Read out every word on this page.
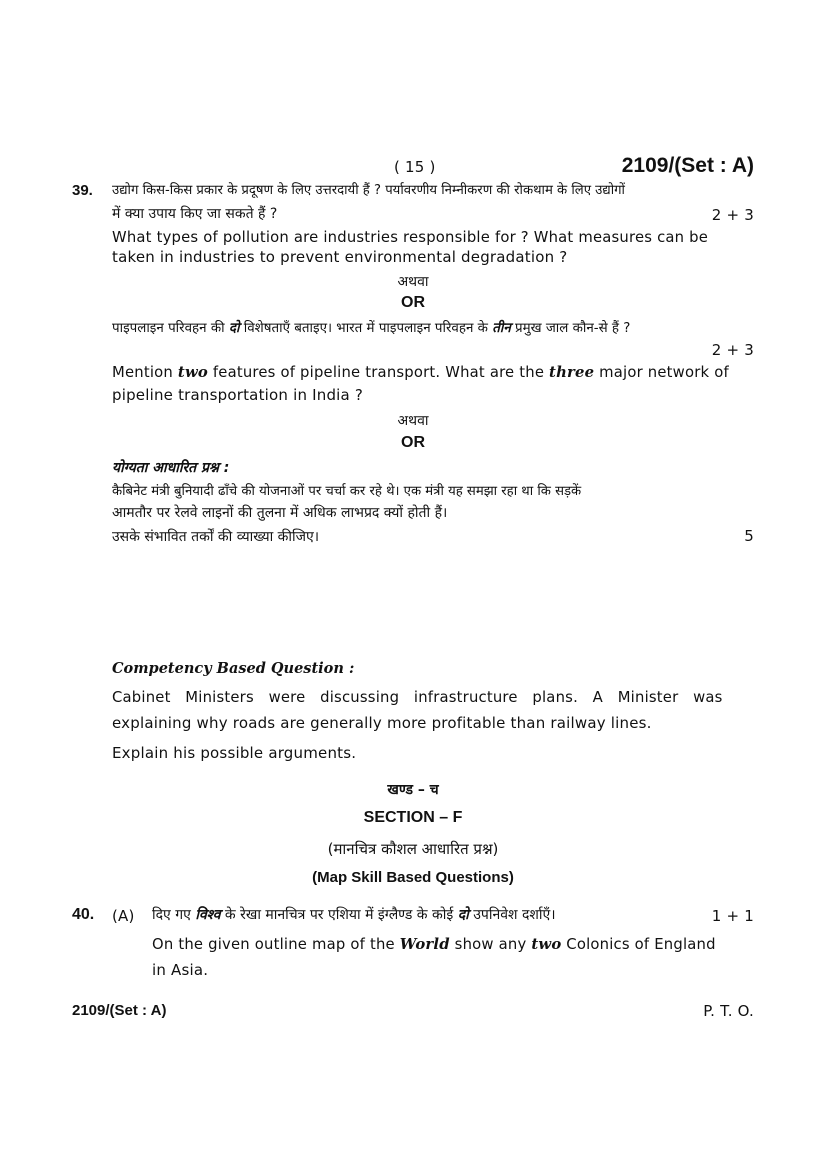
( 15 )	2109/(Set : A)
39. उद्योग किस-किस प्रकार के प्रदूषण के लिए उत्तरदायी हैं ? पर्यावरणीय निम्नीकरण की रोकथाम के लिए उद्योगों
में क्या उपाय किए जा सकते हैं ?	2 + 3
What types of pollution are industries responsible for ? What measures can be
taken in industries to prevent environmental degradation ?
अथवा
OR
पाइपलाइन परिवहन की दो विशेषताएँ बताइए। भारत में पाइपलाइन परिवहन के तीन प्रमुख जाल कौन-से हैं ?
2 + 3
Mention two features of pipeline transport. What are the three major network of
pipeline transportation in India ?
अथवा
OR
योग्यता आधारित प्रश्न :
कैबिनेट मंत्री बुनियादी ढाँचे की योजनाओं पर चर्चा कर रहे थे। एक मंत्री यह समझा रहा था कि सड़कें
आमतौर पर रेलवे लाइनों की तुलना में अधिक लाभप्रद क्यों होती हैं।
उसके संभावित तर्कों की व्याख्या कीजिए।	5
Competency Based Question :
Cabinet   Ministers   were   discussing   infrastructure   plans.   A   Minister   was
explaining why roads are generally more profitable than railway lines.
Explain his possible arguments.
खण्ड – च
SECTION – F
(मानचित्र कौशल आधारित प्रश्न)
(Map Skill Based Questions)
40. (A) दिए गए विश्व के रेखा मानचित्र पर एशिया में इंग्लैण्ड के कोई दो उपनिवेश दर्शाएँ।	1 + 1
On the given outline map of the World show any two Colonics of England
in Asia.
2109/(Set : A)	P. T. O.
